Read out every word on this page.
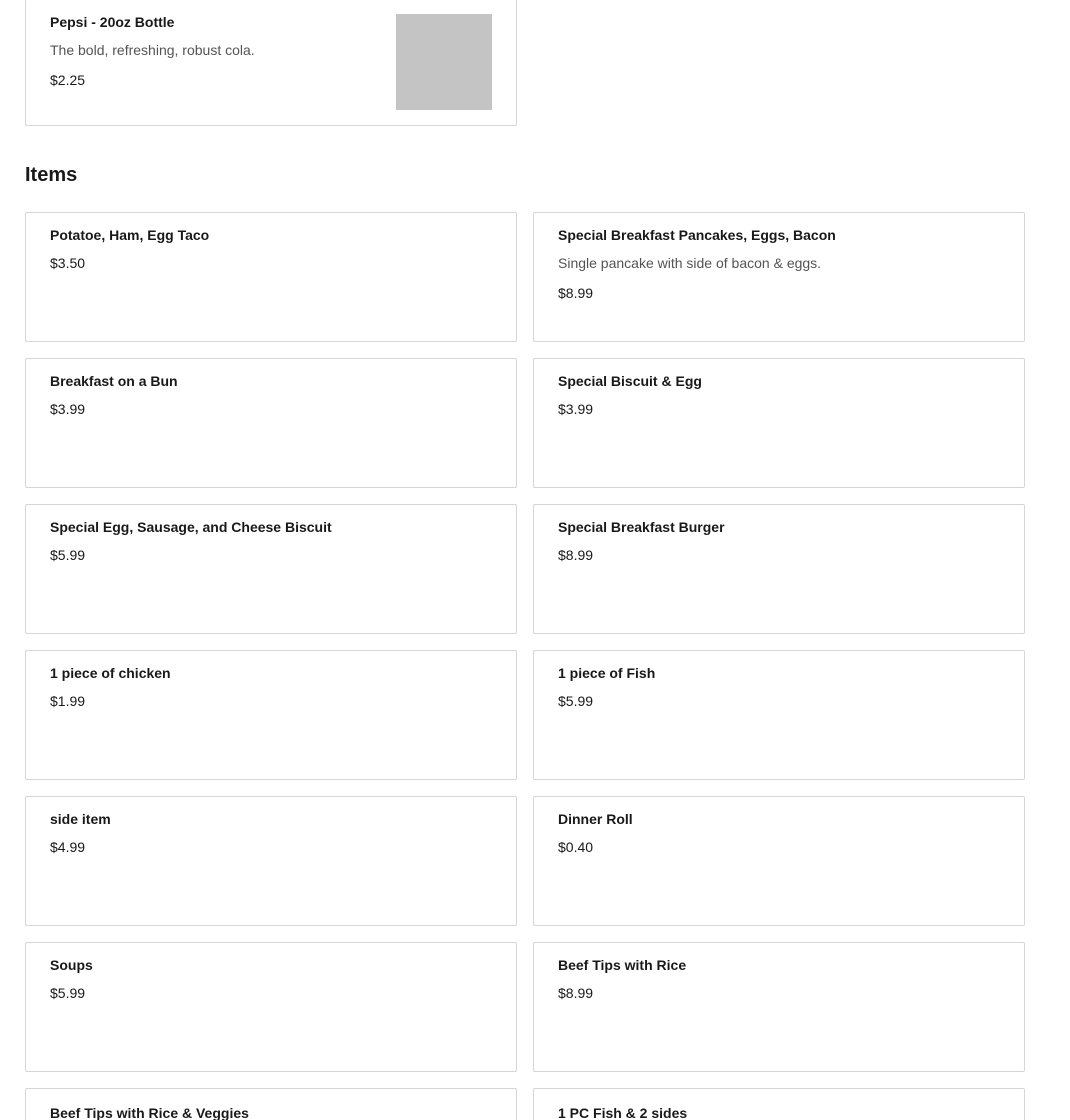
Pepsi - 20oz Bottle
The bold, refreshing, robust cola.
$2.25
Items
Potatoe, Ham, Egg Taco
$3.50
Special Breakfast Pancakes, Eggs, Bacon
Single pancake with side of bacon & eggs.
$8.99
Breakfast on a Bun
$3.99
Special Biscuit & Egg
$3.99
Special Egg, Sausage, and Cheese Biscuit
$5.99
Special Breakfast Burger
$8.99
1 piece of chicken
$1.99
1 piece of Fish
$5.99
side item
$4.99
Dinner Roll
$0.40
Soups
$5.99
Beef Tips with Rice
$8.99
Beef Tips with Rice & Veggies	1 PC Fish & 2 sides
